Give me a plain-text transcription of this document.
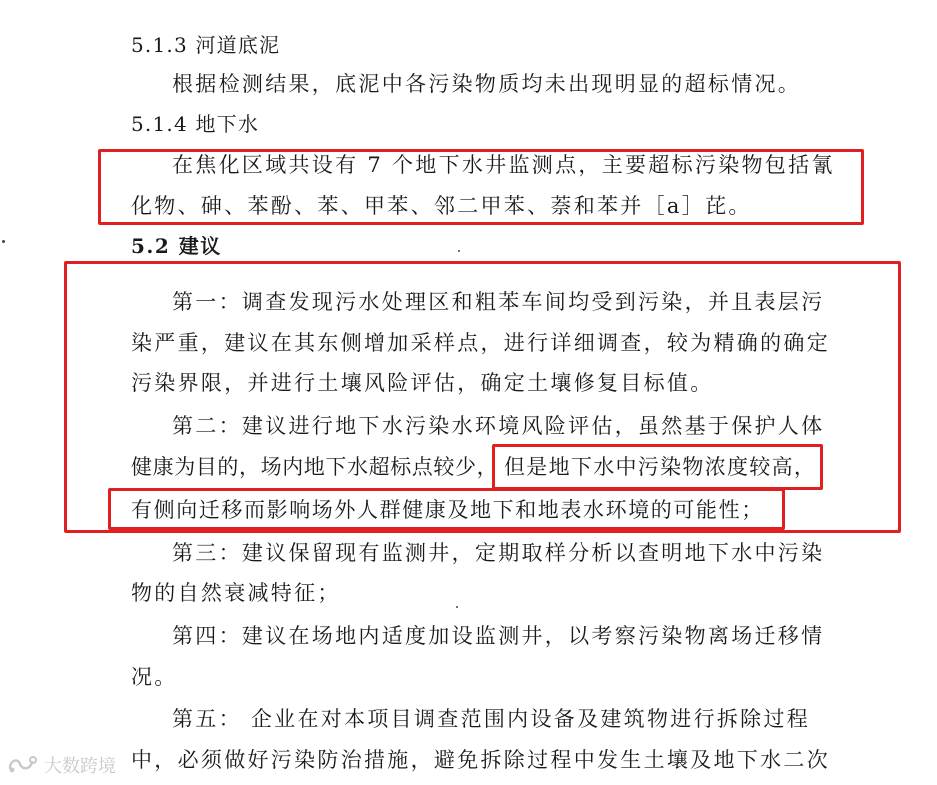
5.1.3 河道底泥

根据检测结果，底泥中各污染物质均未出现明显的超标情况。

5.1.4 地下水

在焦化区域共设有 7 个地下水井监测点，主要超标污染物包括氰

化物、砷、苯酚、苯、甲苯、邻二甲苯、萘和苯并［a］芘。

5.2 建议

第一：调查发现污水处理区和粗苯车间均受到污染，并且表层污

染严重，建议在其东侧增加采样点，进行详细调查，较为精确的确定

污染界限，并进行土壤风险评估，确定土壤修复目标值。

第二：建议进行地下水污染水环境风险评估，虽然基于保护人体

健康为目的，场内地下水超标点较少， 但是地下水中污染物浓度较高，

有侧向迁移而影响场外人群健康及地下和地表水环境的可能性；

第三：建议保留现有监测井，定期取样分析以查明地下水中污染

物的自然衰减特征；

第四：建议在场地内适度加设监测井，以考察污染物离场迁移情

况。

第五： 企业在对本项目调查范围内设备及建筑物进行拆除过程

中，必须做好污染防治措施，避免拆除过程中发生土壤及地下水二次

大数跨境
